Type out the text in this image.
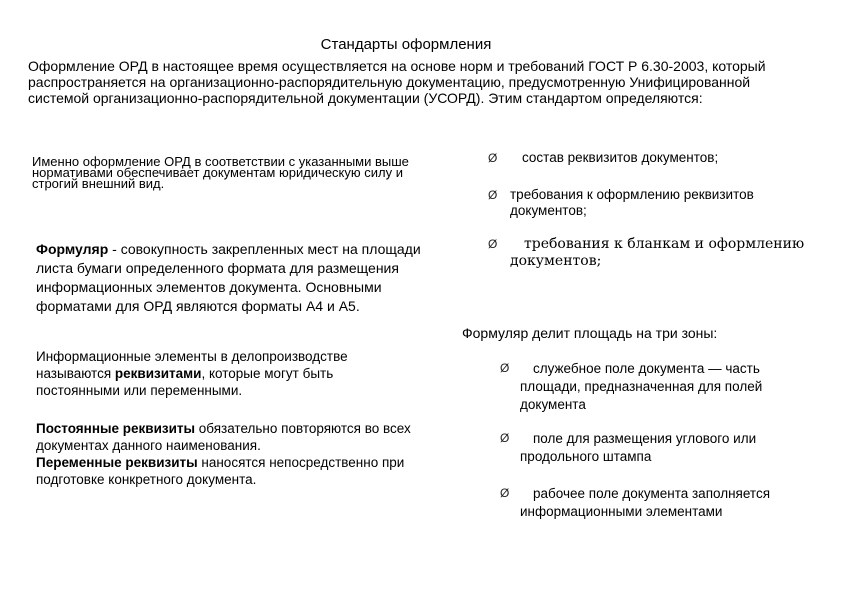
Стандарты оформления
Оформление ОРД в настоящее время осуществляется на основе норм и требований ГОСТ Р 6.30-2003, который распространяется на организационно-распорядительную документацию, предусмотренную Унифицированной системой организационно-распорядительной документации (УСОРД). Этим стандартом определяются:
Именно оформление ОРД в соответствии с указанными выше нормативами обеспечивает документам юридическую силу и строгий внешний вид.
Формуляр - совокупность закрепленных мест на площади листа бумаги определенного формата для размещения информационных элементов документа. Основными форматами для ОРД являются форматы А4 и А5.
Информационные элементы в делопроизводстве называются реквизитами, которые могут быть постоянными или переменными.
Постоянные реквизиты обязательно повторяются во всех документах данного наименования.
Переменные реквизиты наносятся непосредственно при подготовке конкретного документа.
Ø состав реквизитов документов;
Ø требования к оформлению реквизитов документов;
Ø	требования к бланкам и оформлению документов;
Формуляр делит площадь на три зоны:
Ø	служебное поле документа — часть площади, предназначенная для полей документа
Ø	поле для размещения углового или продольного штампа
Ø	рабочее поле документа заполняется информационными элементами
